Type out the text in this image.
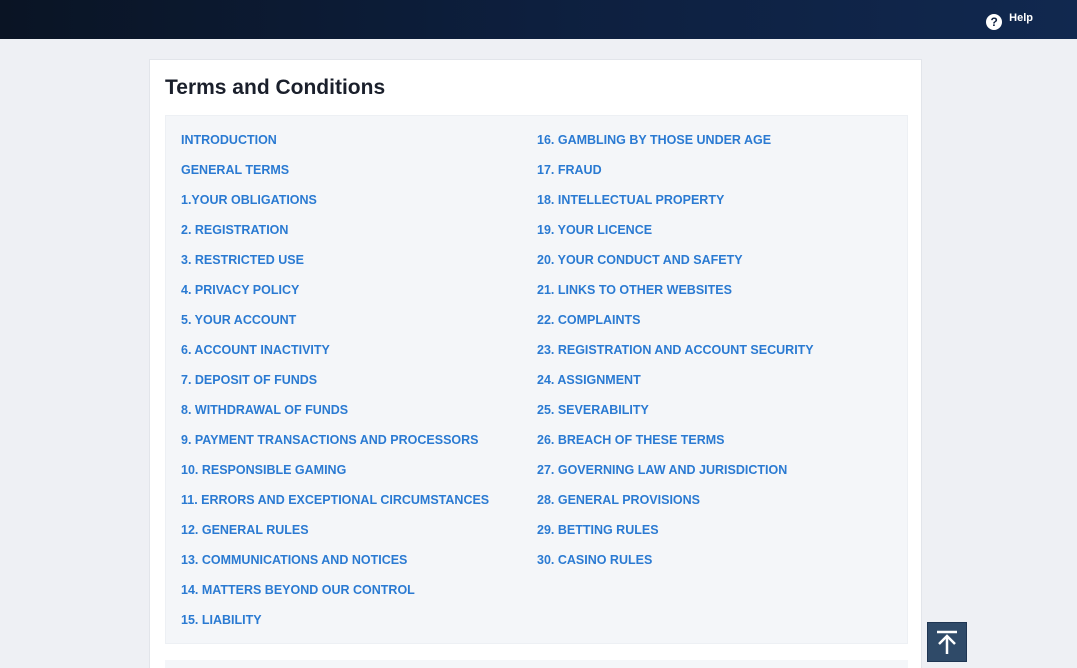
?	Help
Terms and Conditions
INTRODUCTION
GENERAL TERMS
1.YOUR OBLIGATIONS
2. REGISTRATION
3. RESTRICTED USE
4. PRIVACY POLICY
5. YOUR ACCOUNT
6. ACCOUNT INACTIVITY
7. DEPOSIT OF FUNDS
8. WITHDRAWAL OF FUNDS
9. PAYMENT TRANSACTIONS AND PROCESSORS
10. RESPONSIBLE GAMING
11. ERRORS AND EXCEPTIONAL CIRCUMSTANCES
12. GENERAL RULES
13. COMMUNICATIONS AND NOTICES
14. MATTERS BEYOND OUR CONTROL
15. LIABILITY
16. GAMBLING BY THOSE UNDER AGE
17. FRAUD
18. INTELLECTUAL PROPERTY
19. YOUR LICENCE
20. YOUR CONDUCT AND SAFETY
21. LINKS TO OTHER WEBSITES
22. COMPLAINTS
23. REGISTRATION AND ACCOUNT SECURITY
24. ASSIGNMENT
25. SEVERABILITY
26. BREACH OF THESE TERMS
27. GOVERNING LAW AND JURISDICTION
28. GENERAL PROVISIONS
29. BETTING RULES
30. CASINO RULES
